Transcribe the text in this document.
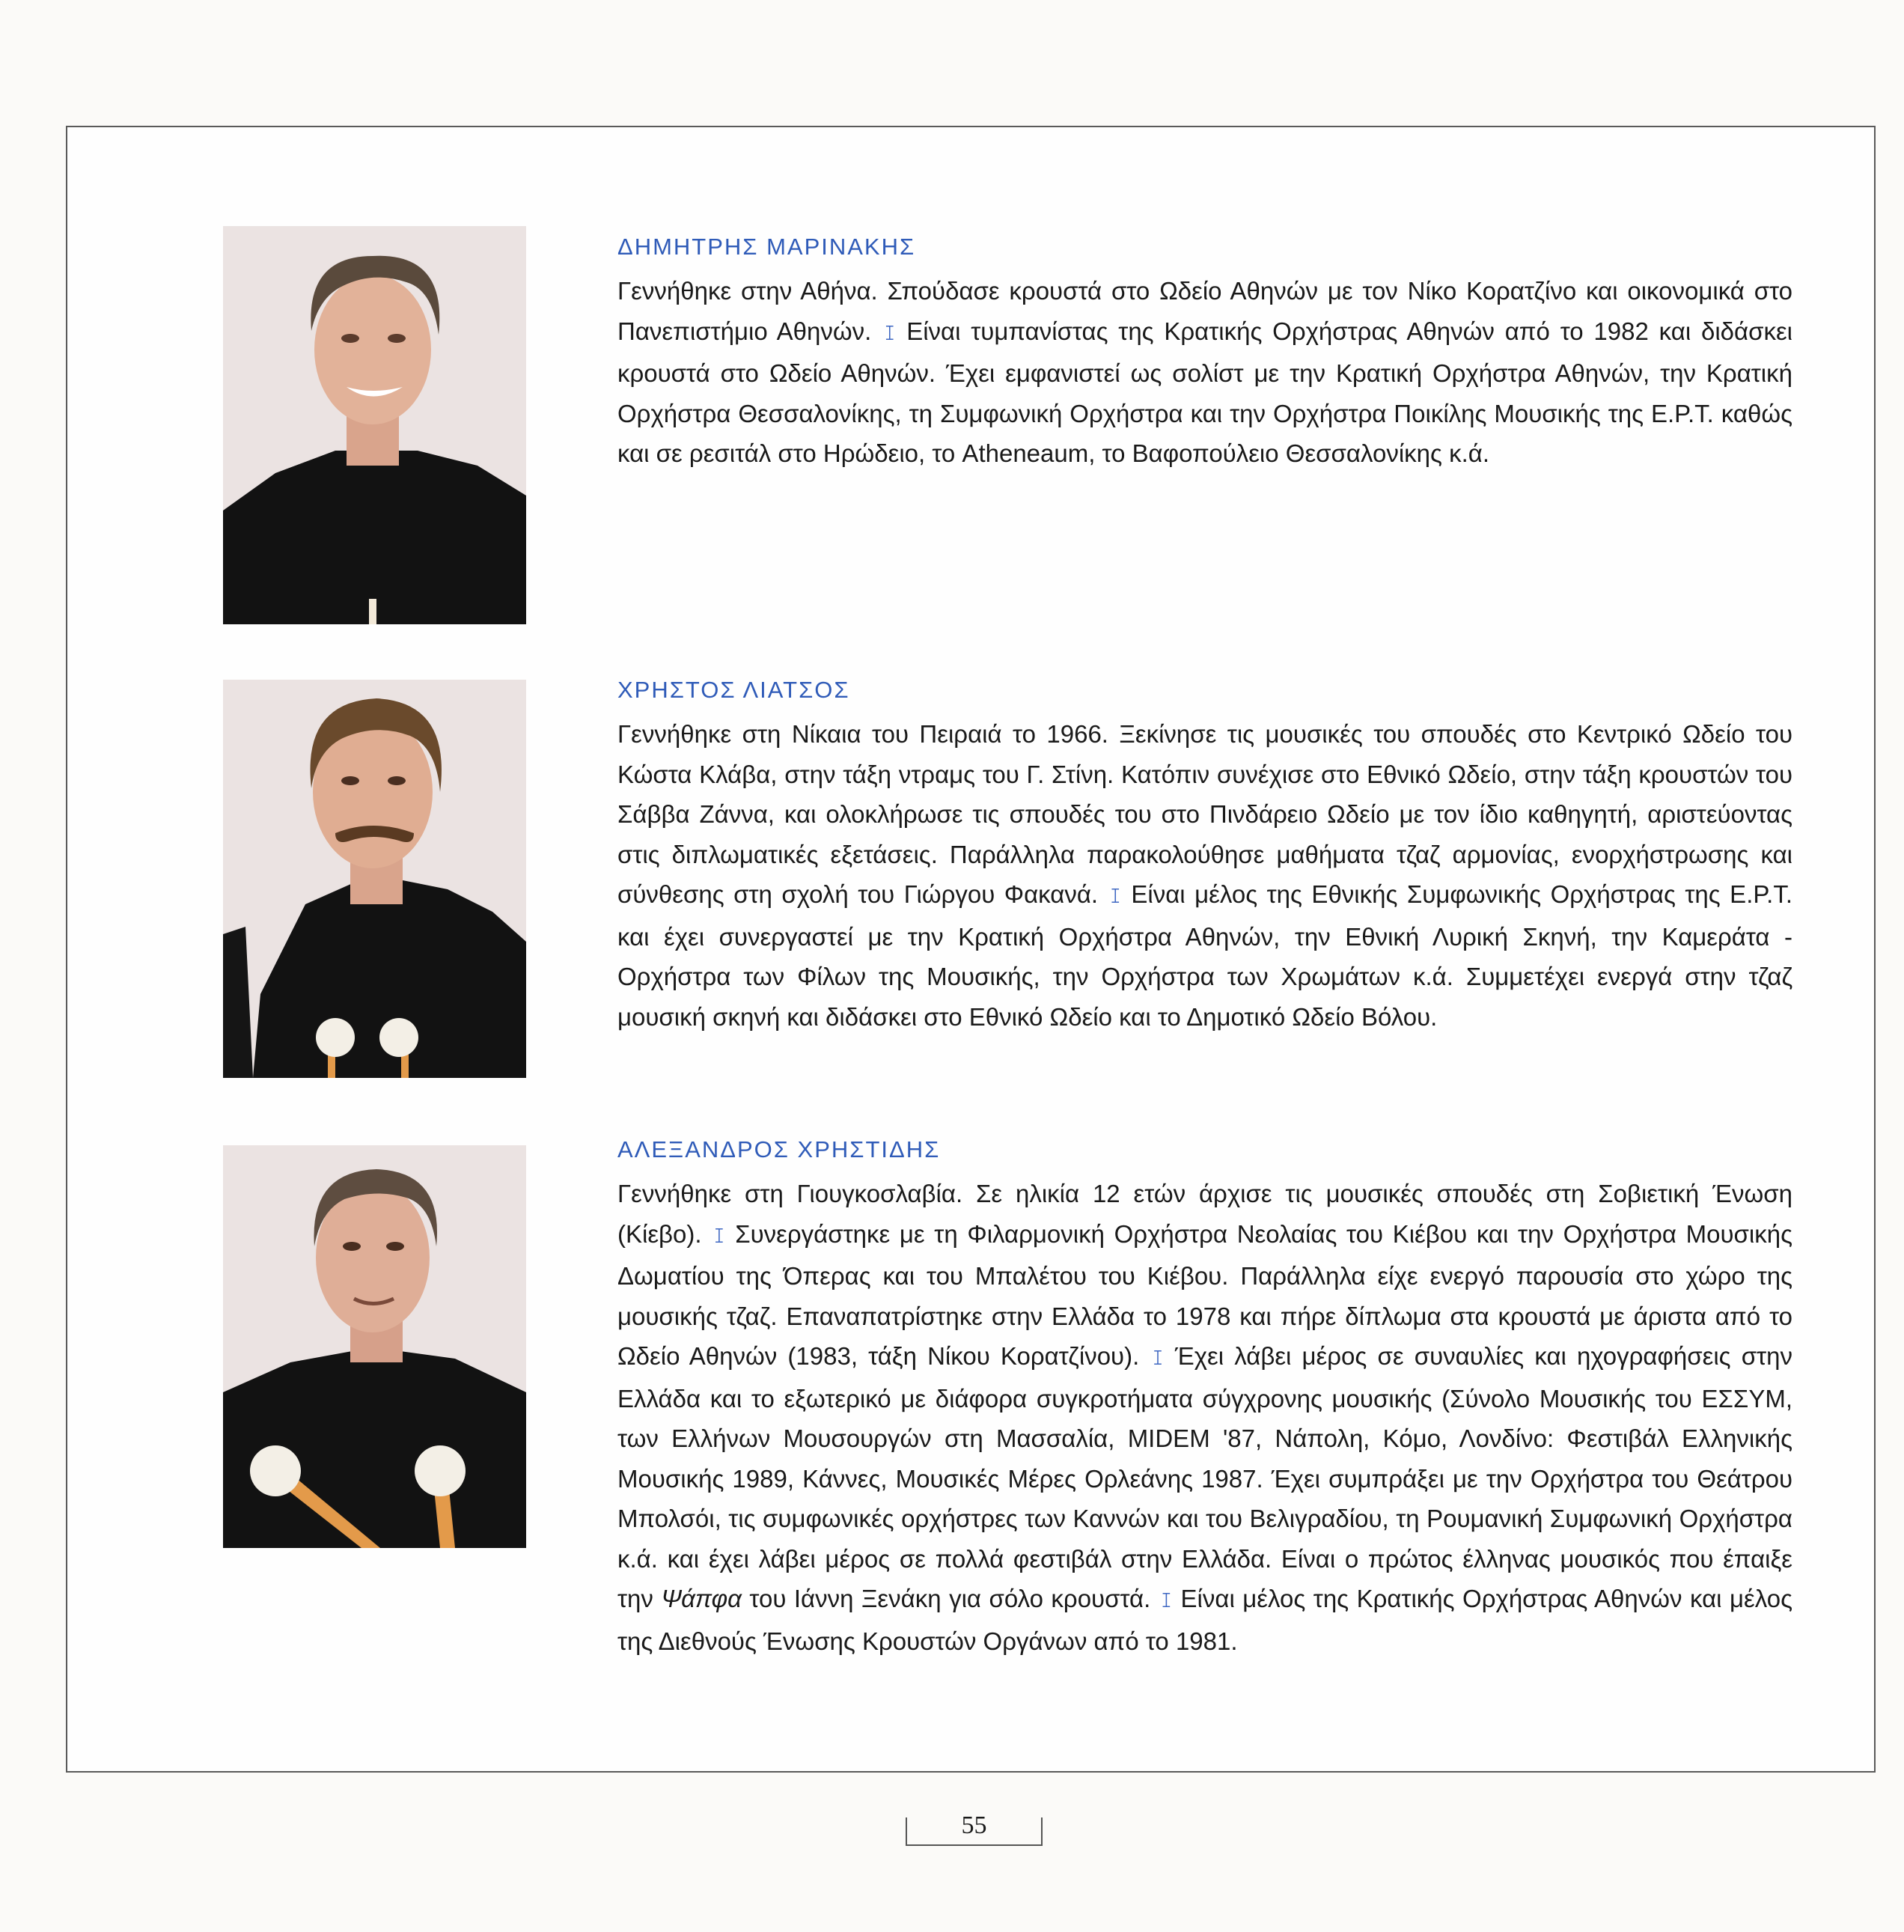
ΔΗΜΗΤΡΗΣ ΜΑΡΙΝΑΚΗΣ

Γεννήθηκε στην Αθήνα. Σπούδασε κρουστά στο Ωδείο Αθηνών με τον Νίκο Κορατζίνο και οικονομικά στο Πανεπιστήμιο Αθηνών. ꕯ Είναι τυμπανίστας της Κρατικής Ορχήστρας Αθηνών από το 1982 και διδάσκει κρουστά στο Ωδείο Αθηνών. Έχει εμφανιστεί ως σολίστ με την Κρατική Ορχήστρα Αθηνών, την Κρατική Ορχήστρα Θεσσαλονίκης, τη Συμφωνική Ορχήστρα και την Ορχήστρα Ποικίλης Μουσικής της Ε.Ρ.Τ. καθώς και σε ρεσιτάλ στο Ηρώδειο, το Atheneaum, το Βαφοπούλειο Θεσσαλονίκης κ.ά.

ΧΡΗΣΤΟΣ ΛΙΑΤΣΟΣ

Γεννήθηκε στη Νίκαια του Πειραιά το 1966. Ξεκίνησε τις μουσικές του σπουδές στο Κεντρικό Ωδείο του Κώστα Κλάβα, στην τάξη ντραμς του Γ. Στίνη. Κατόπιν συνέχισε στο Εθνικό Ωδείο, στην τάξη κρουστών του Σάββα Ζάννα, και ολοκλήρωσε τις σπουδές του στο Πινδάρειο Ωδείο με τον ίδιο καθηγητή, αριστεύοντας στις διπλωματικές εξετάσεις. Παράλληλα παρακολούθησε μαθήματα τζαζ αρμονίας, ενορχήστρωσης και σύνθεσης στη σχολή του Γιώργου Φακανά. ꕯ Είναι μέλος της Εθνικής Συμφωνικής Ορχήστρας της Ε.Ρ.Τ. και έχει συνεργαστεί με την Κρατική Ορχήστρα Αθηνών, την Εθνική Λυρική Σκηνή, την Καμεράτα - Ορχήστρα των Φίλων της Μουσικής, την Ορχήστρα των Χρωμάτων κ.ά. Συμμετέχει ενεργά στην τζαζ μουσική σκηνή και διδάσκει στο Εθνικό Ωδείο και το Δημοτικό Ωδείο Βόλου.

ΑΛΕΞΑΝΔΡΟΣ ΧΡΗΣΤΙΔΗΣ

Γεννήθηκε στη Γιουγκοσλαβία. Σε ηλικία 12 ετών άρχισε τις μουσικές σπουδές στη Σοβιετική Ένωση (Κίεβο). ꕯ Συνεργάστηκε με τη Φιλαρμονική Ορχήστρα Νεολαίας του Κιέβου και την Ορχήστρα Μουσικής Δωματίου της Όπερας και του Μπαλέτου του Κιέβου. Παράλληλα είχε ενεργό παρουσία στο χώρο της μουσικής τζαζ. Επαναπατρίστηκε στην Ελλάδα το 1978 και πήρε δίπλωμα στα κρουστά με άριστα από το Ωδείο Αθηνών (1983, τάξη Νίκου Κορατζίνου). ꕯ Έχει λάβει μέρος σε συναυλίες και ηχογραφήσεις στην Ελλάδα και το εξωτερικό με διάφορα συγκροτήματα σύγχρονης μουσικής (Σύνολο Μουσικής του ΕΣΣΥΜ, των Ελλήνων Μουσουργών στη Μασσαλία, MIDEM '87, Νάπολη, Κόμο, Λονδίνο: Φεστιβάλ Ελληνικής Μουσικής 1989, Κάννες, Μουσικές Μέρες Ορλεάνης 1987. Έχει συμπράξει με την Ορχήστρα του Θεάτρου Μπολσόι, τις συμφωνικές ορχήστρες των Καννών και του Βελιγραδίου, τη Ρουμανική Συμφωνική Ορχήστρα κ.ά. και έχει λάβει μέρος σε πολλά φεστιβάλ στην Ελλάδα. Είναι ο πρώτος έλληνας μουσικός που έπαιξε την Ψάπφα του Ιάννη Ξενάκη για σόλο κρουστά. ꕯ Είναι μέλος της Κρατικής Ορχήστρας Αθηνών και μέλος της Διεθνούς Ένωσης Κρουστών Οργάνων από το 1981.

55
